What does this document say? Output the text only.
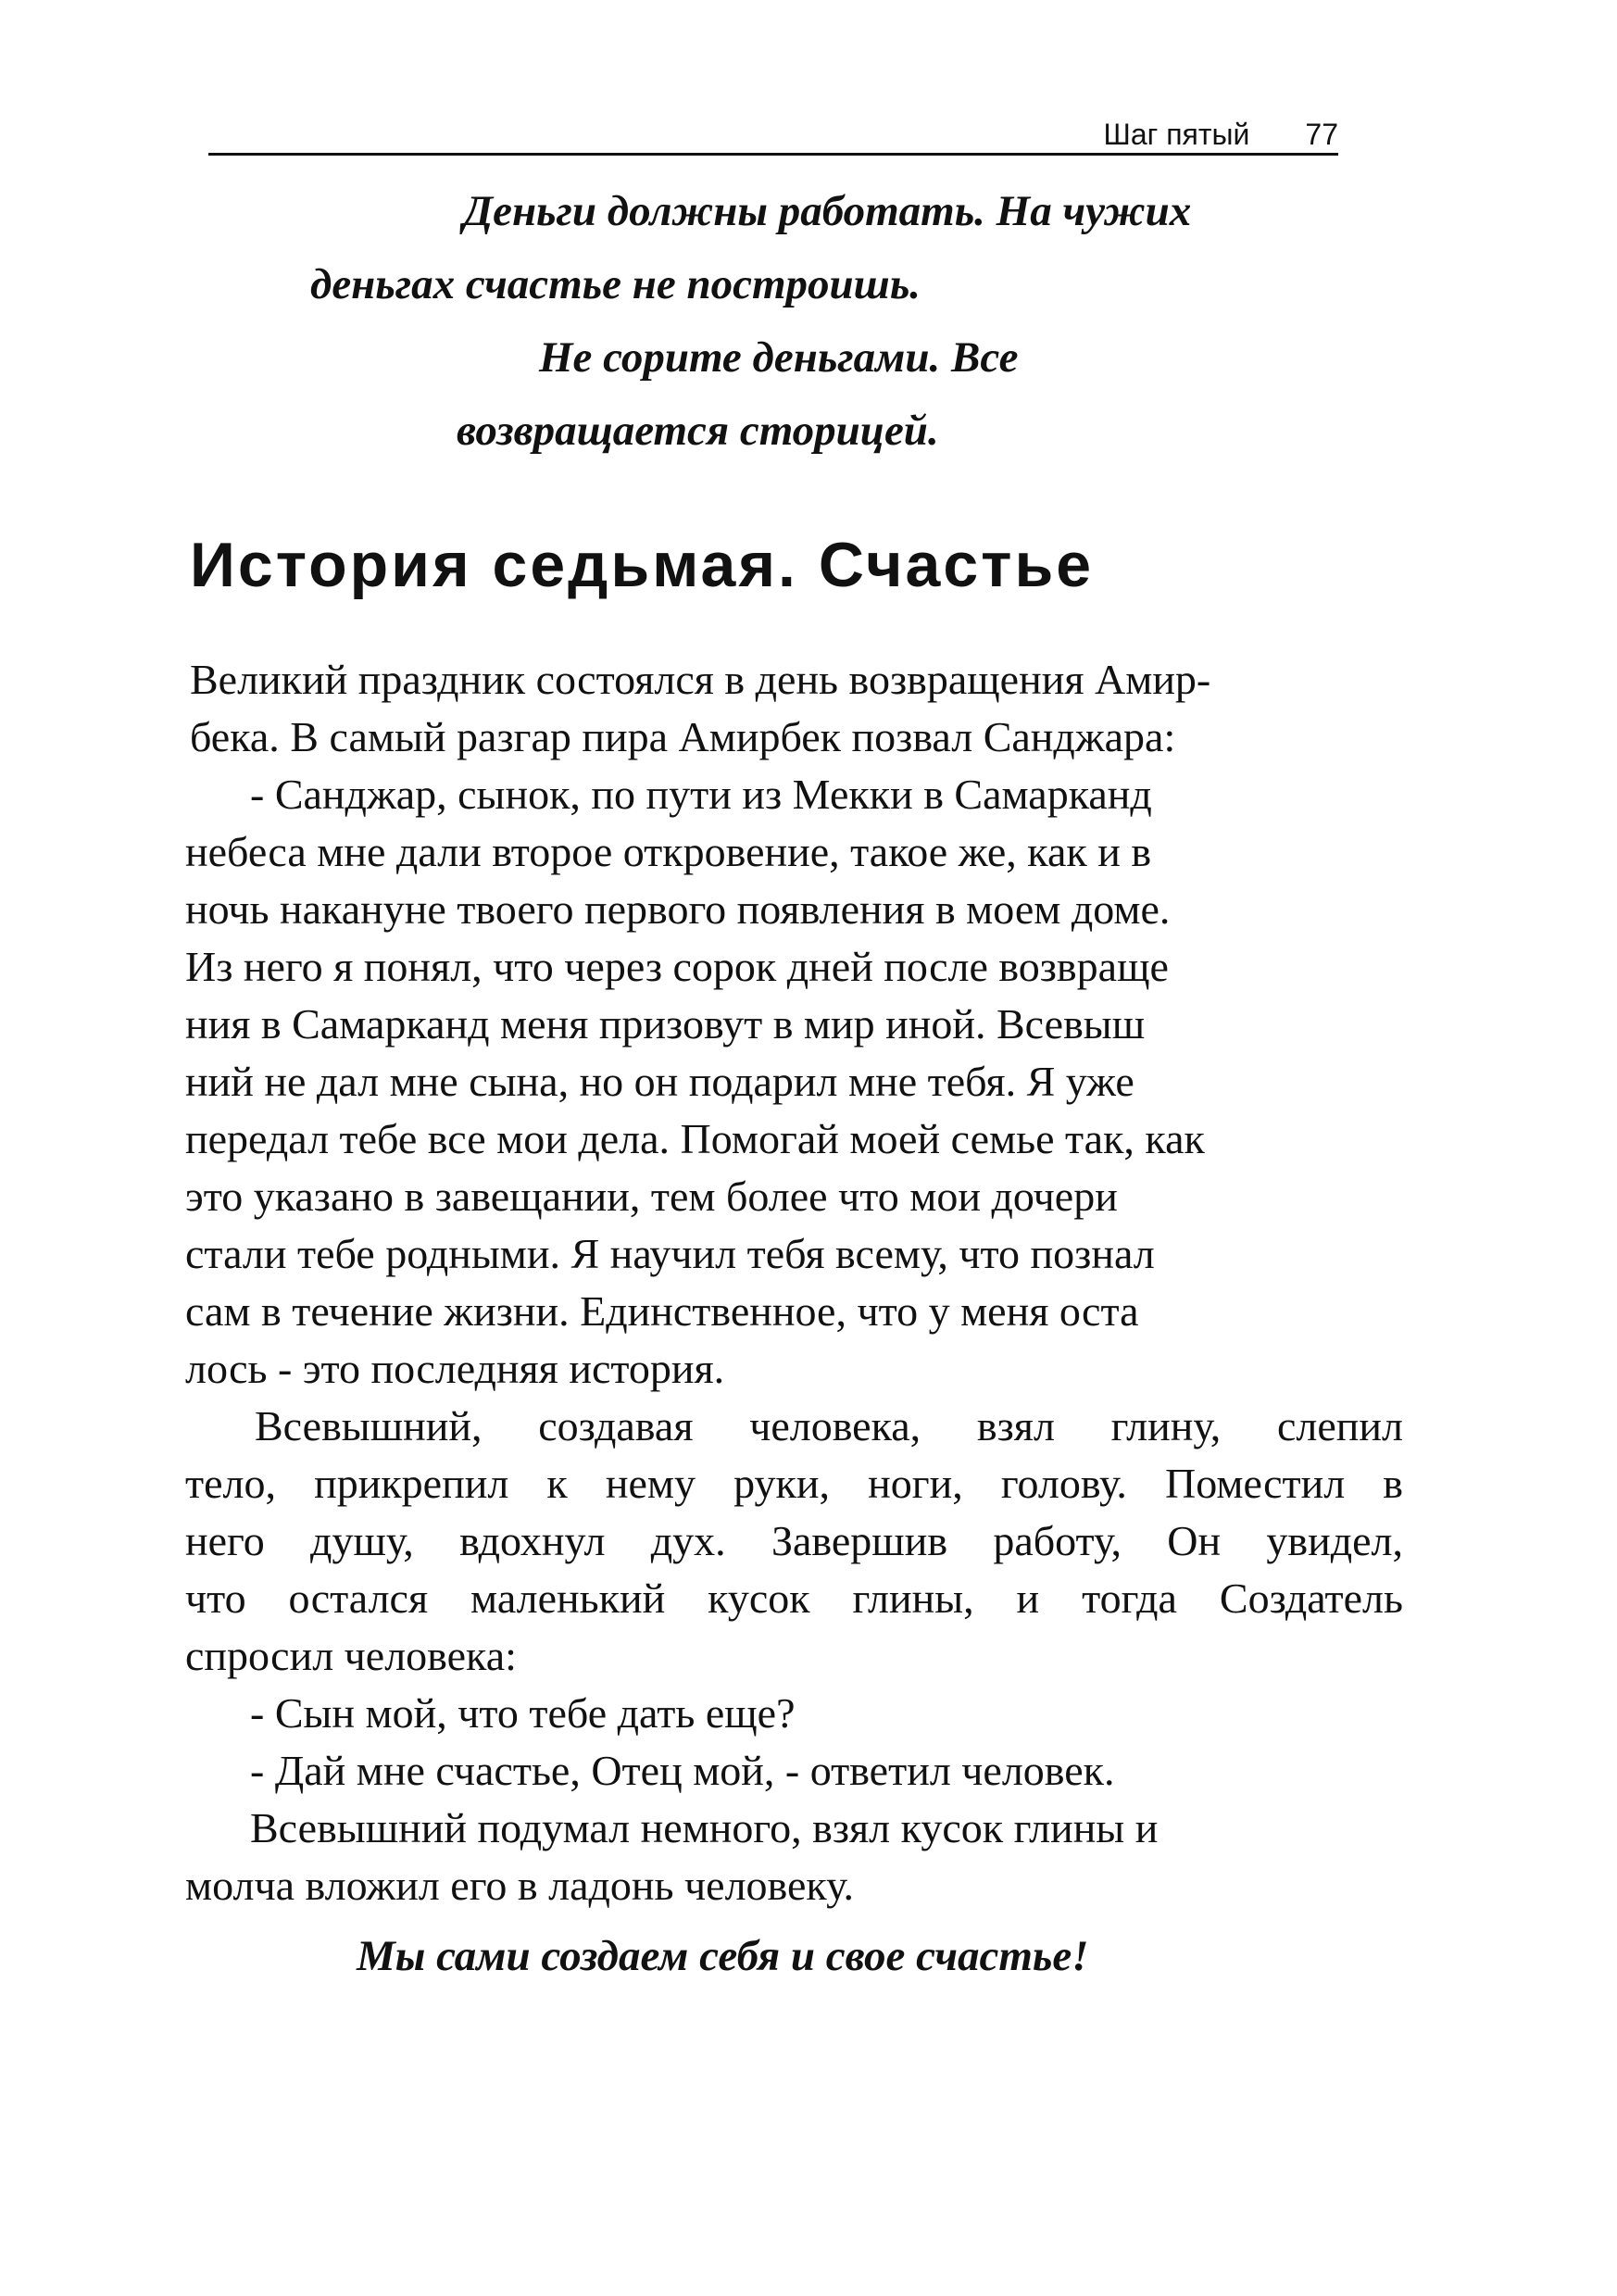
Шаг пятый 77
Деньги должны работать. На чужих
деньгах счастье не построишь.
Не сорите деньгами. Все
возвращается сторицей.
История седьмая. Счастье
Великий праздник состоялся в день возвращения Амир-
бека. В самый разгар пира Амирбек позвал Санджара:
- Санджар, сынок, по пути из Мекки в Самарканд
небеса мне дали второе откровение, такое же, как и в
ночь накануне твоего первого появления в моем доме.
Из него я понял, что через сорок дней после возвраще
ния в Самарканд меня призовут в мир иной. Всевыш
ний не дал мне сына, но он подарил мне тебя. Я уже
передал тебе все мои дела. Помогай моей семье так, как
это указано в завещании, тем более что мои дочери
стали тебе родными. Я научил тебя всему, что познал
сам в течение жизни. Единственное, что у меня оста
лось - это последняя история.
Всевышний, создавая человека, взял глину, слепил
тело, прикрепил к нему руки, ноги, голову. Поместил в
него душу, вдохнул дух. Завершив работу, Он увидел,
что остался маленький кусок глины, и тогда Создатель
спросил человека:
- Сын мой, что тебе дать еще?
- Дай мне счастье, Отец мой, - ответил человек.
Всевышний подумал немного, взял кусок глины и
молча вложил его в ладонь человеку.
Мы сами создаем себя и свое счастье!
